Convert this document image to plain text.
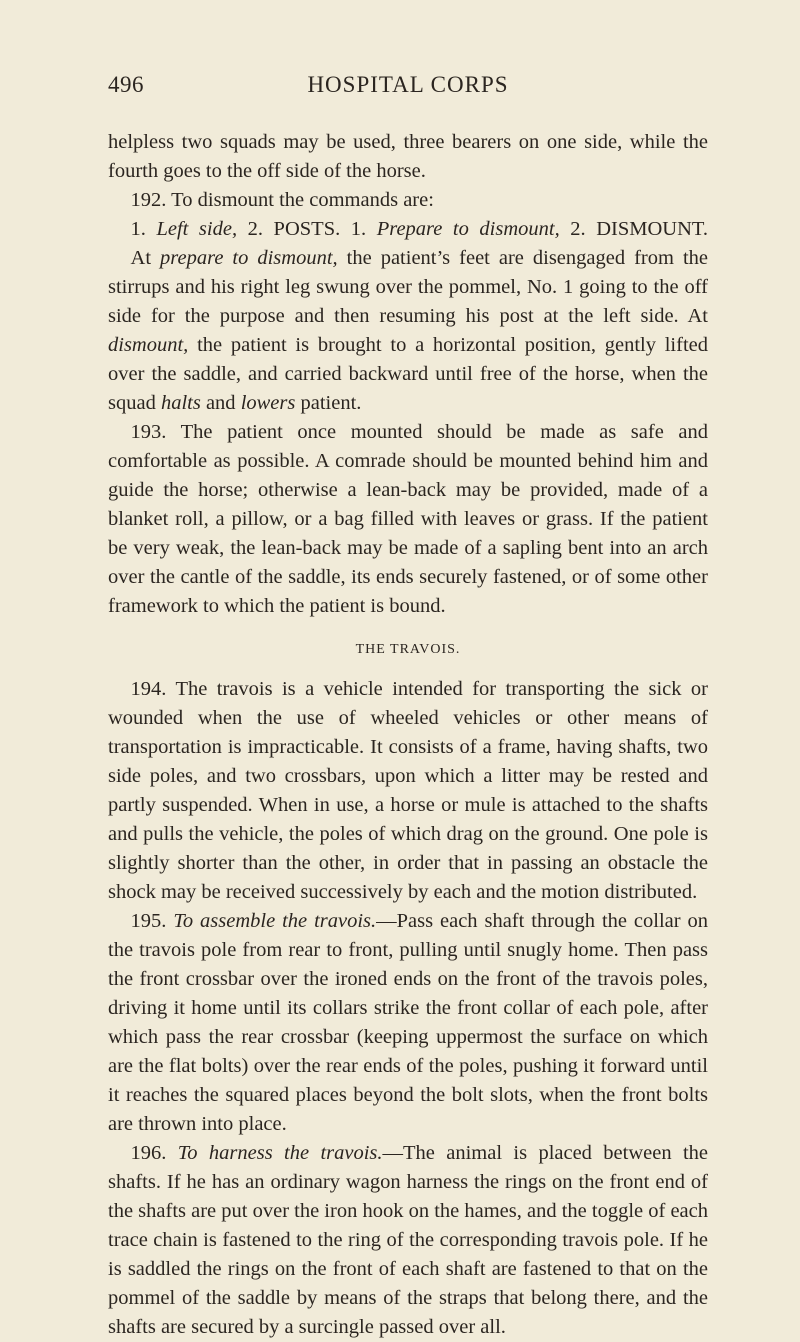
496	HOSPITAL CORPS

helpless two squads may be used, three bearers on one side, while the fourth goes to the off side of the horse.

192. To dismount the commands are:

1. Left side, 2. POSTS. 1. Prepare to dismount, 2. DISMOUNT.

At prepare to dismount, the patient’s feet are disengaged from the stirrups and his right leg swung over the pommel, No. 1 going to the off side for the purpose and then resuming his post at the left side. At dismount, the patient is brought to a horizontal position, gently lifted over the saddle, and carried backward until free of the horse, when the squad halts and lowers patient.

193. The patient once mounted should be made as safe and comfortable as possible. A comrade should be mounted behind him and guide the horse; otherwise a lean-back may be provided, made of a blanket roll, a pillow, or a bag filled with leaves or grass. If the patient be very weak, the lean-back may be made of a sapling bent into an arch over the cantle of the saddle, its ends securely fastened, or of some other framework to which the patient is bound.

THE TRAVOIS.

194. The travois is a vehicle intended for transporting the sick or wounded when the use of wheeled vehicles or other means of transportation is impracticable. It consists of a frame, having shafts, two side poles, and two crossbars, upon which a litter may be rested and partly suspended. When in use, a horse or mule is attached to the shafts and pulls the vehicle, the poles of which drag on the ground. One pole is slightly shorter than the other, in order that in passing an obstacle the shock may be received successively by each and the motion distributed.

195. To assemble the travois.—Pass each shaft through the collar on the travois pole from rear to front, pulling until snugly home. Then pass the front crossbar over the ironed ends on the front of the travois poles, driving it home until its collars strike the front collar of each pole, after which pass the rear crossbar (keeping uppermost the surface on which are the flat bolts) over the rear ends of the poles, pushing it forward until it reaches the squared places beyond the bolt slots, when the front bolts are thrown into place.

196. To harness the travois.—The animal is placed between the shafts. If he has an ordinary wagon harness the rings on the front end of the shafts are put over the iron hook on the hames, and the toggle of each trace chain is fastened to the ring of the corresponding travois pole. If he is saddled the rings on the front of each shaft are fastened to that on the pommel of the saddle by means of the straps that belong there, and the shafts are secured by a surcingle passed over all.
